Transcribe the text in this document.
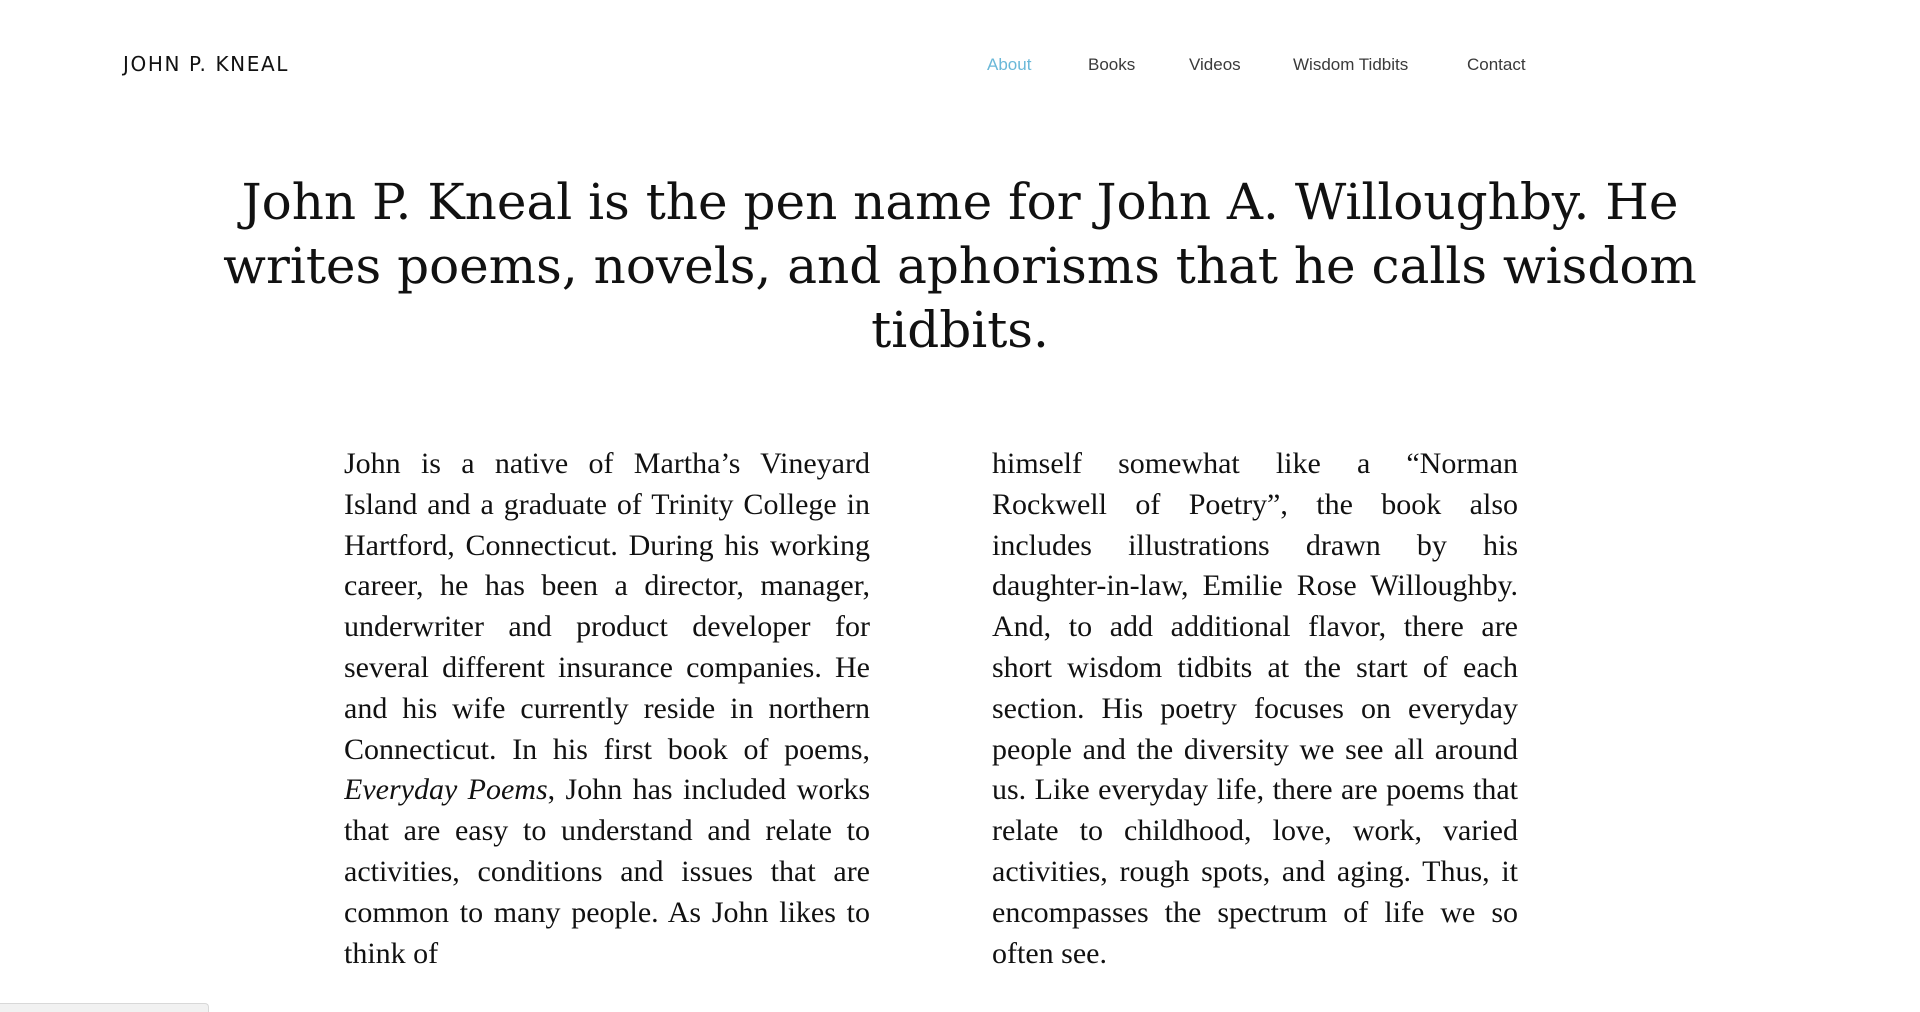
JOHN P. KNEAL	About	Books	Videos	Wisdom Tidbits	Contact
John P. Kneal is the pen name for John A. Willoughby. He writes poems, novels, and aphorisms that he calls wisdom tidbits.

John is a native of Martha’s Vineyard Island and a graduate of Trinity College in Hartford, Connecticut. During his working career, he has been a director, manager, underwriter and product developer for several different insurance companies. He and his wife currently reside in northern Connecticut. In his first book of poems, Everyday Poems, John has included works that are easy to understand and relate to activities, conditions and issues that are common to many people. As John likes to think of

himself somewhat like a “Norman Rockwell of Poetry”, the book also includes illustrations drawn by his daughter-in-law, Emilie Rose Willoughby. And, to add additional flavor, there are short wisdom tidbits at the start of each section. His poetry focuses on everyday people and the diversity we see all around us. Like everyday life, there are poems that relate to childhood, love, work, varied activities, rough spots, and aging. Thus, it encompasses the spectrum of life we so often see.
